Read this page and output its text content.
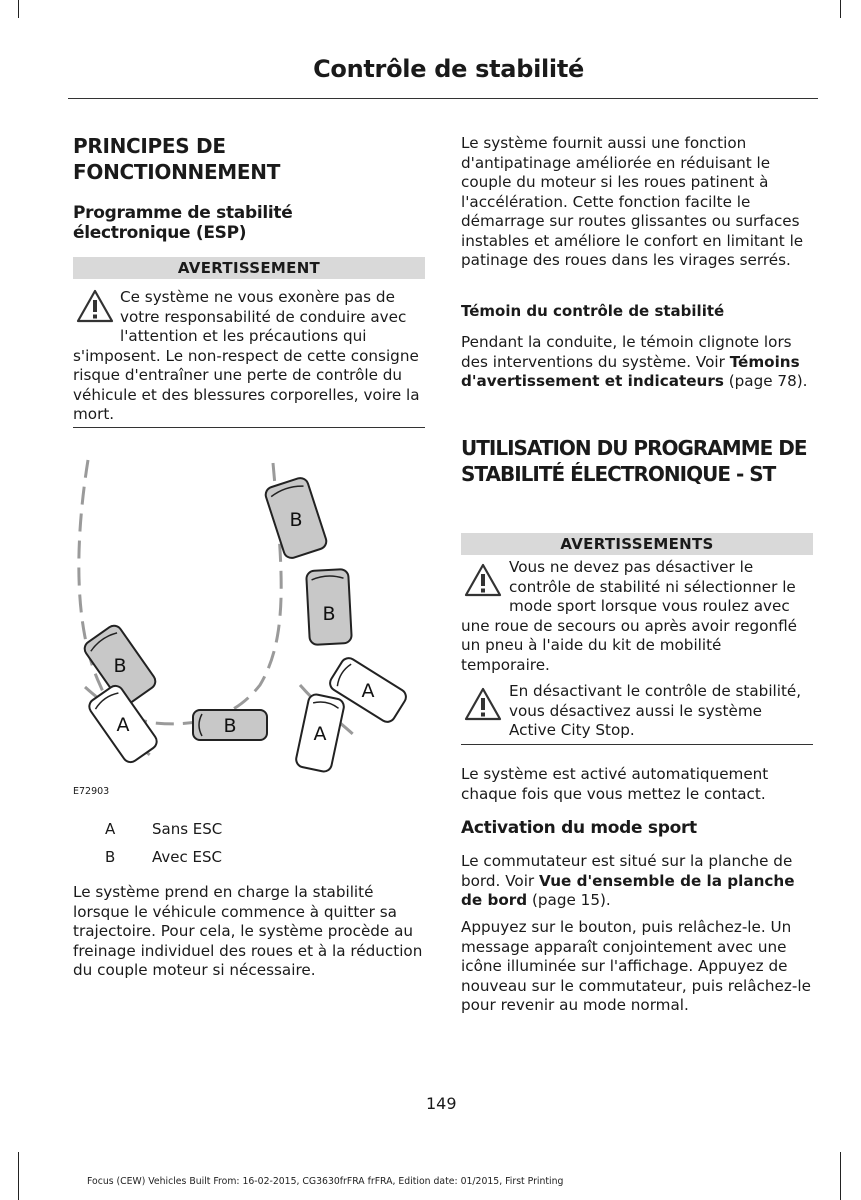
Contrôle de stabilité
PRINCIPES DE FONCTIONNEMENT
Programme de stabilité électronique (ESP)
AVERTISSEMENT
Ce système ne vous exonère pas de votre responsabilité de conduire avec l'attention et les précautions qui s'imposent. Le non-respect de cette consigne risque d'entraîner une perte de contrôle du véhicule et des blessures corporelles, voire la mort.
B
B
B
B
A
A
A
E72903
A Sans ESC
B Avec ESC
Le système prend en charge la stabilité lorsque le véhicule commence à quitter sa trajectoire. Pour cela, le système procède au freinage individuel des roues et à la réduction du couple moteur si nécessaire.
Le système fournit aussi une fonction d'antipatinage améliorée en réduisant le couple du moteur si les roues patinent à l'accélération. Cette fonction facilte le démarrage sur routes glissantes ou surfaces instables et améliore le confort en limitant le patinage des roues dans les virages serrés.
Témoin du contrôle de stabilité
Pendant la conduite, le témoin clignote lors des interventions du système. Voir Témoins d'avertissement et indicateurs (page 78).
UTILISATION DU PROGRAMME DE STABILITÉ ÉLECTRONIQUE - ST
AVERTISSEMENTS
Vous ne devez pas désactiver le contrôle de stabilité ni sélectionner le mode sport lorsque vous roulez avec une roue de secours ou après avoir regonflé un pneu à l'aide du kit de mobilité temporaire.
En désactivant le contrôle de stabilité, vous désactivez aussi le système Active City Stop.
Le système est activé automatiquement chaque fois que vous mettez le contact.
Activation du mode sport
Le commutateur est situé sur la planche de bord. Voir Vue d'ensemble de la planche de bord (page 15).
Appuyez sur le bouton, puis relâchez-le. Un message apparaît conjointement avec une icône illuminée sur l'affichage. Appuyez de nouveau sur le commutateur, puis relâchez-le pour revenir au mode normal.
149
Focus (CEW) Vehicles Built From: 16-02-2015, CG3630frFRA frFRA, Edition date: 01/2015, First Printing
